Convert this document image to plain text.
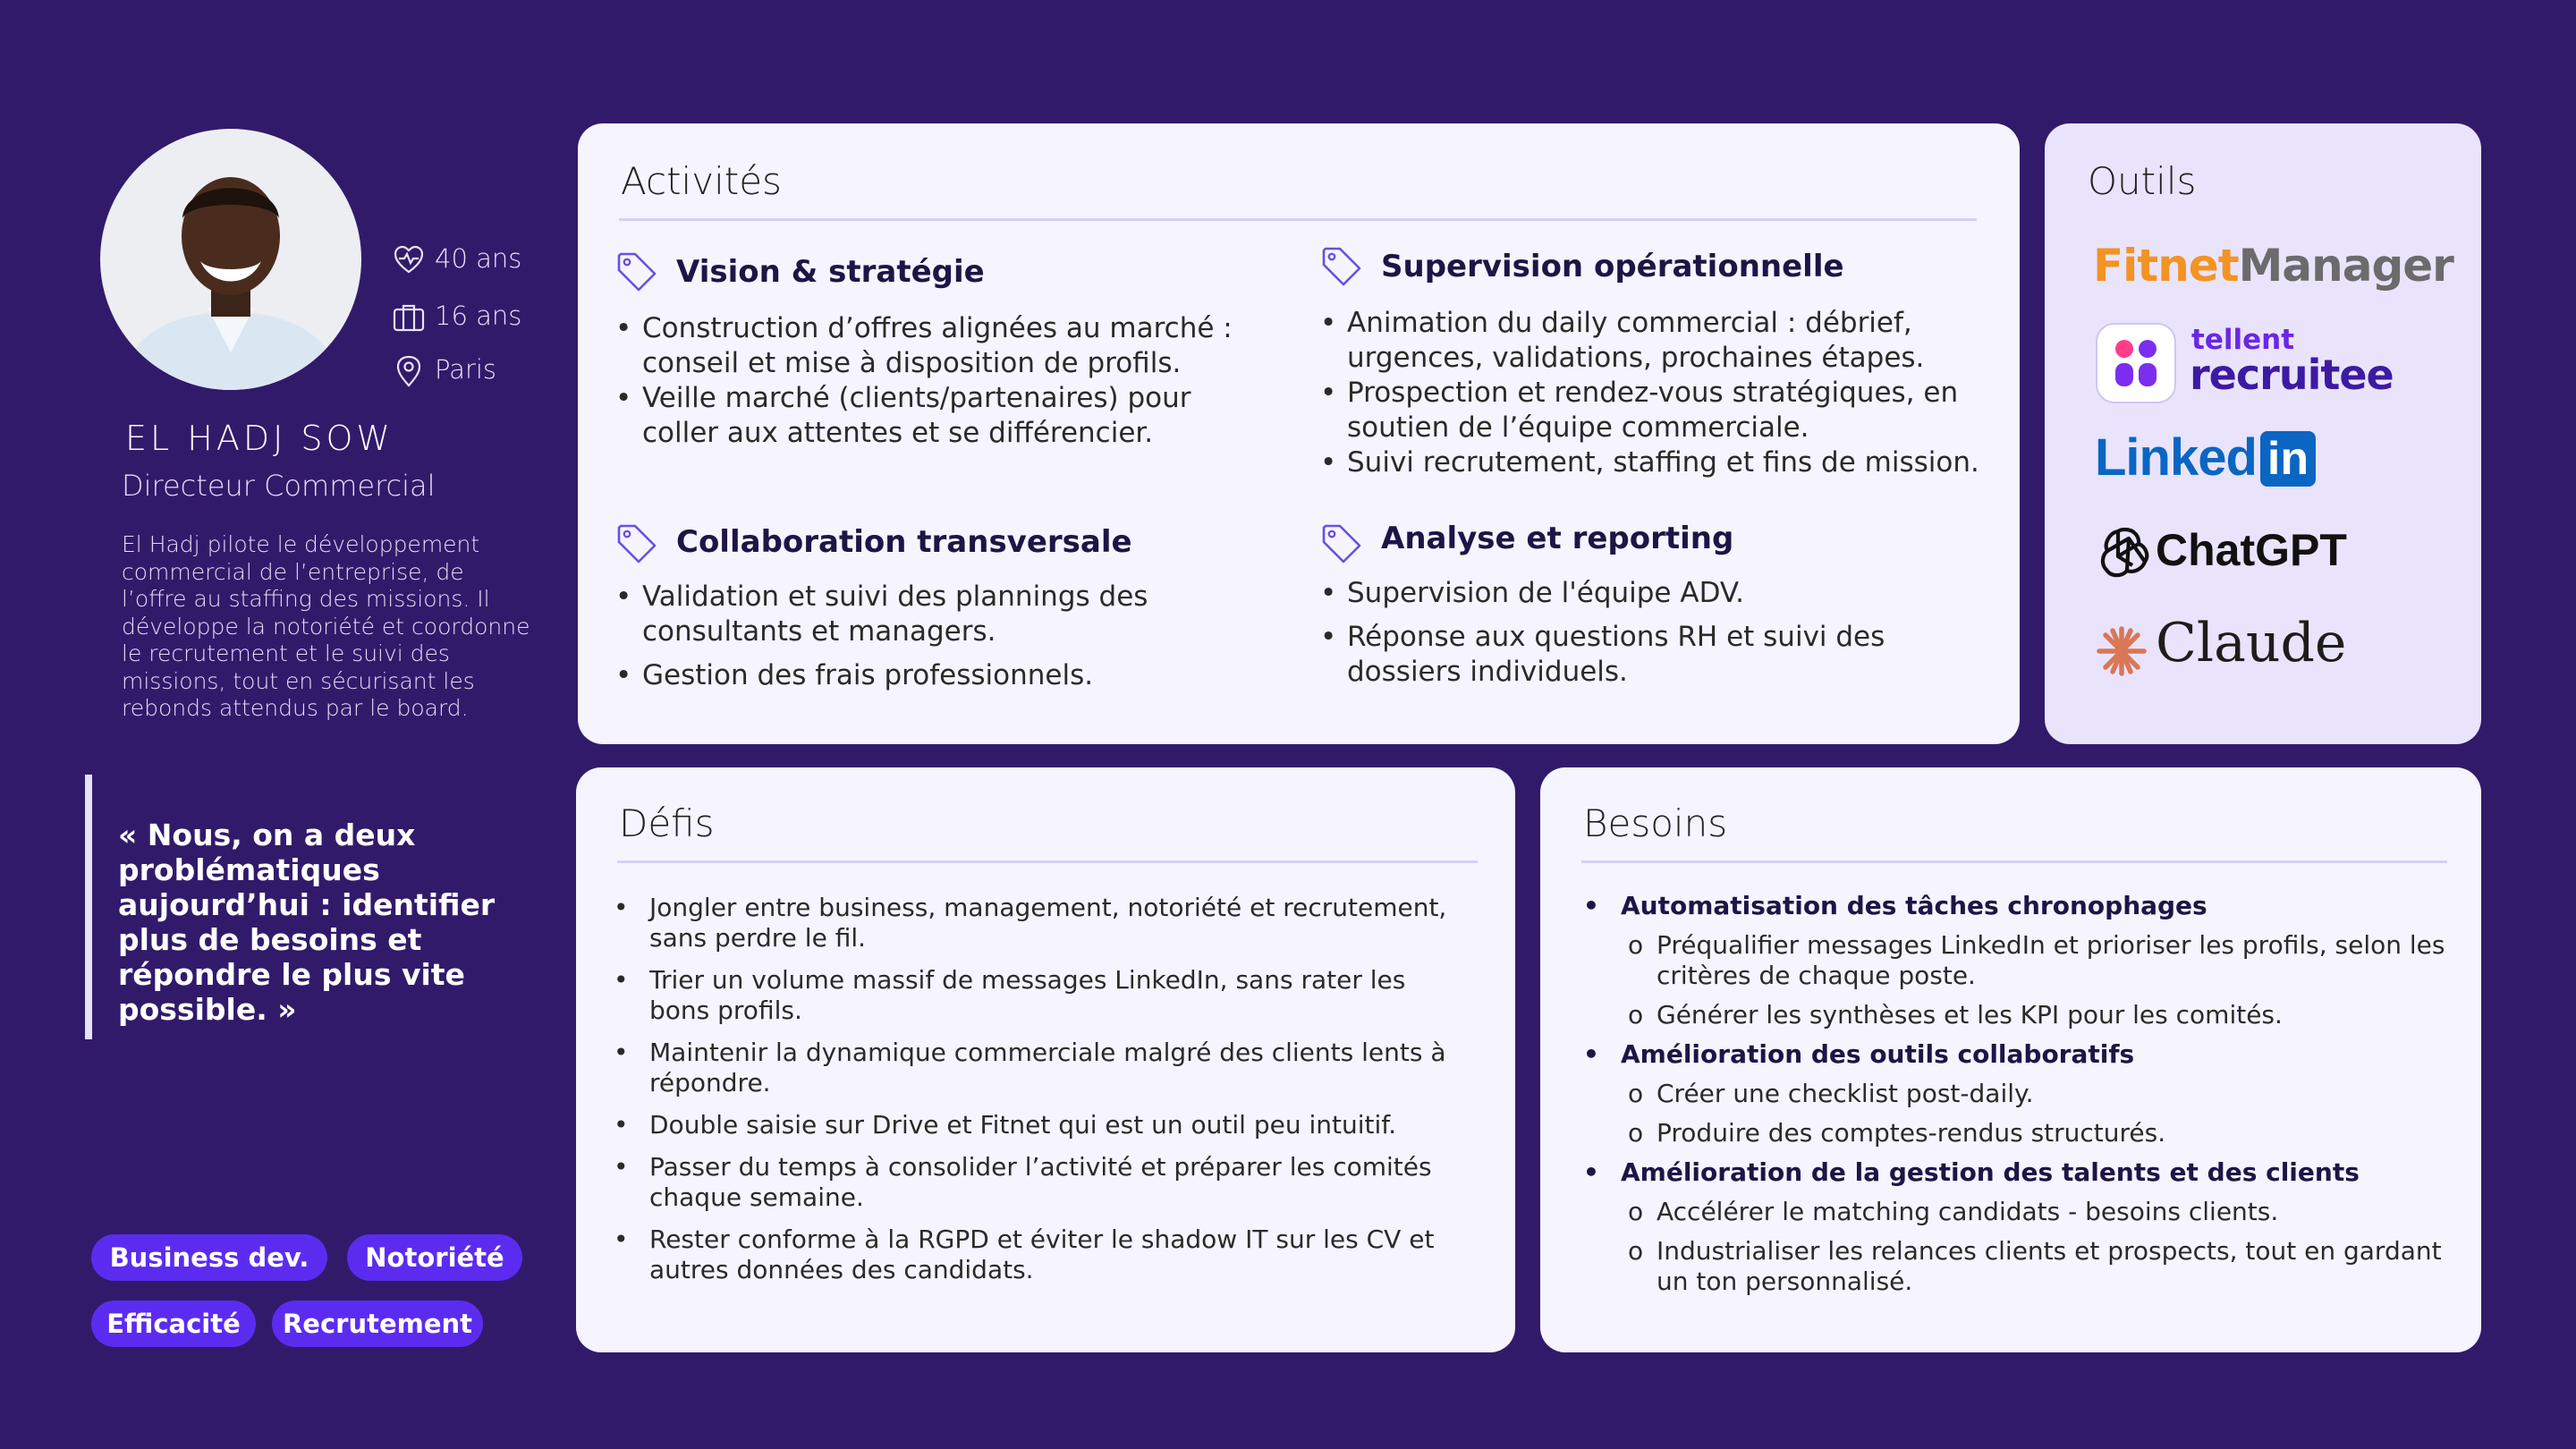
40 ans
16 ans
Paris
EL HADJ SOW
Directeur Commercial
El Hadj pilote le développement commercial de l’entreprise, de l’offre au staffing des missions. Il développe la notoriété et coordonne le recrutement et le suivi des missions, tout en sécurisant les rebonds attendus par le board.
« Nous, on a deux problématiques aujourd’hui : identifier plus de besoins et répondre le plus vite possible. »
Business dev.	Notoriété
Efficacité	Recrutement
Activités
Vision & stratégie
• Construction d’offres alignées au marché : conseil et mise à disposition de profils.
• Veille marché (clients/partenaires) pour coller aux attentes et se différencier.
Supervision opérationnelle
• Animation du daily commercial : débrief, urgences, validations, prochaines étapes.
• Prospection et rendez-vous stratégiques, en soutien de l’équipe commerciale.
• Suivi recrutement, staffing et fins de mission.
Collaboration transversale
• Validation et suivi des plannings des consultants et managers.
• Gestion des frais professionnels.
Analyse et reporting
• Supervision de l'équipe ADV.
• Réponse aux questions RH et suivi des dossiers individuels.
Outils
FitnetManager
tellent
recruitee
Linked in
ChatGPT
Claude
Défis
• Jongler entre business, management, notoriété et recrutement, sans perdre le fil.
• Trier un volume massif de messages LinkedIn, sans rater les bons profils.
• Maintenir la dynamique commerciale malgré des clients lents à répondre.
• Double saisie sur Drive et Fitnet qui est un outil peu intuitif.
• Passer du temps à consolider l’activité et préparer les comités chaque semaine.
• Rester conforme à la RGPD et éviter le shadow IT sur les CV et autres données des candidats.
Besoins
• Automatisation des tâches chronophages
o Préqualifier messages LinkedIn et prioriser les profils, selon les critères de chaque poste.
o Générer les synthèses et les KPI pour les comités.
• Amélioration des outils collaboratifs
o Créer une checklist post-daily.
o Produire des comptes-rendus structurés.
• Amélioration de la gestion des talents et des clients
o Accélérer le matching candidats - besoins clients.
o Industrialiser les relances clients et prospects, tout en gardant un ton personnalisé.
